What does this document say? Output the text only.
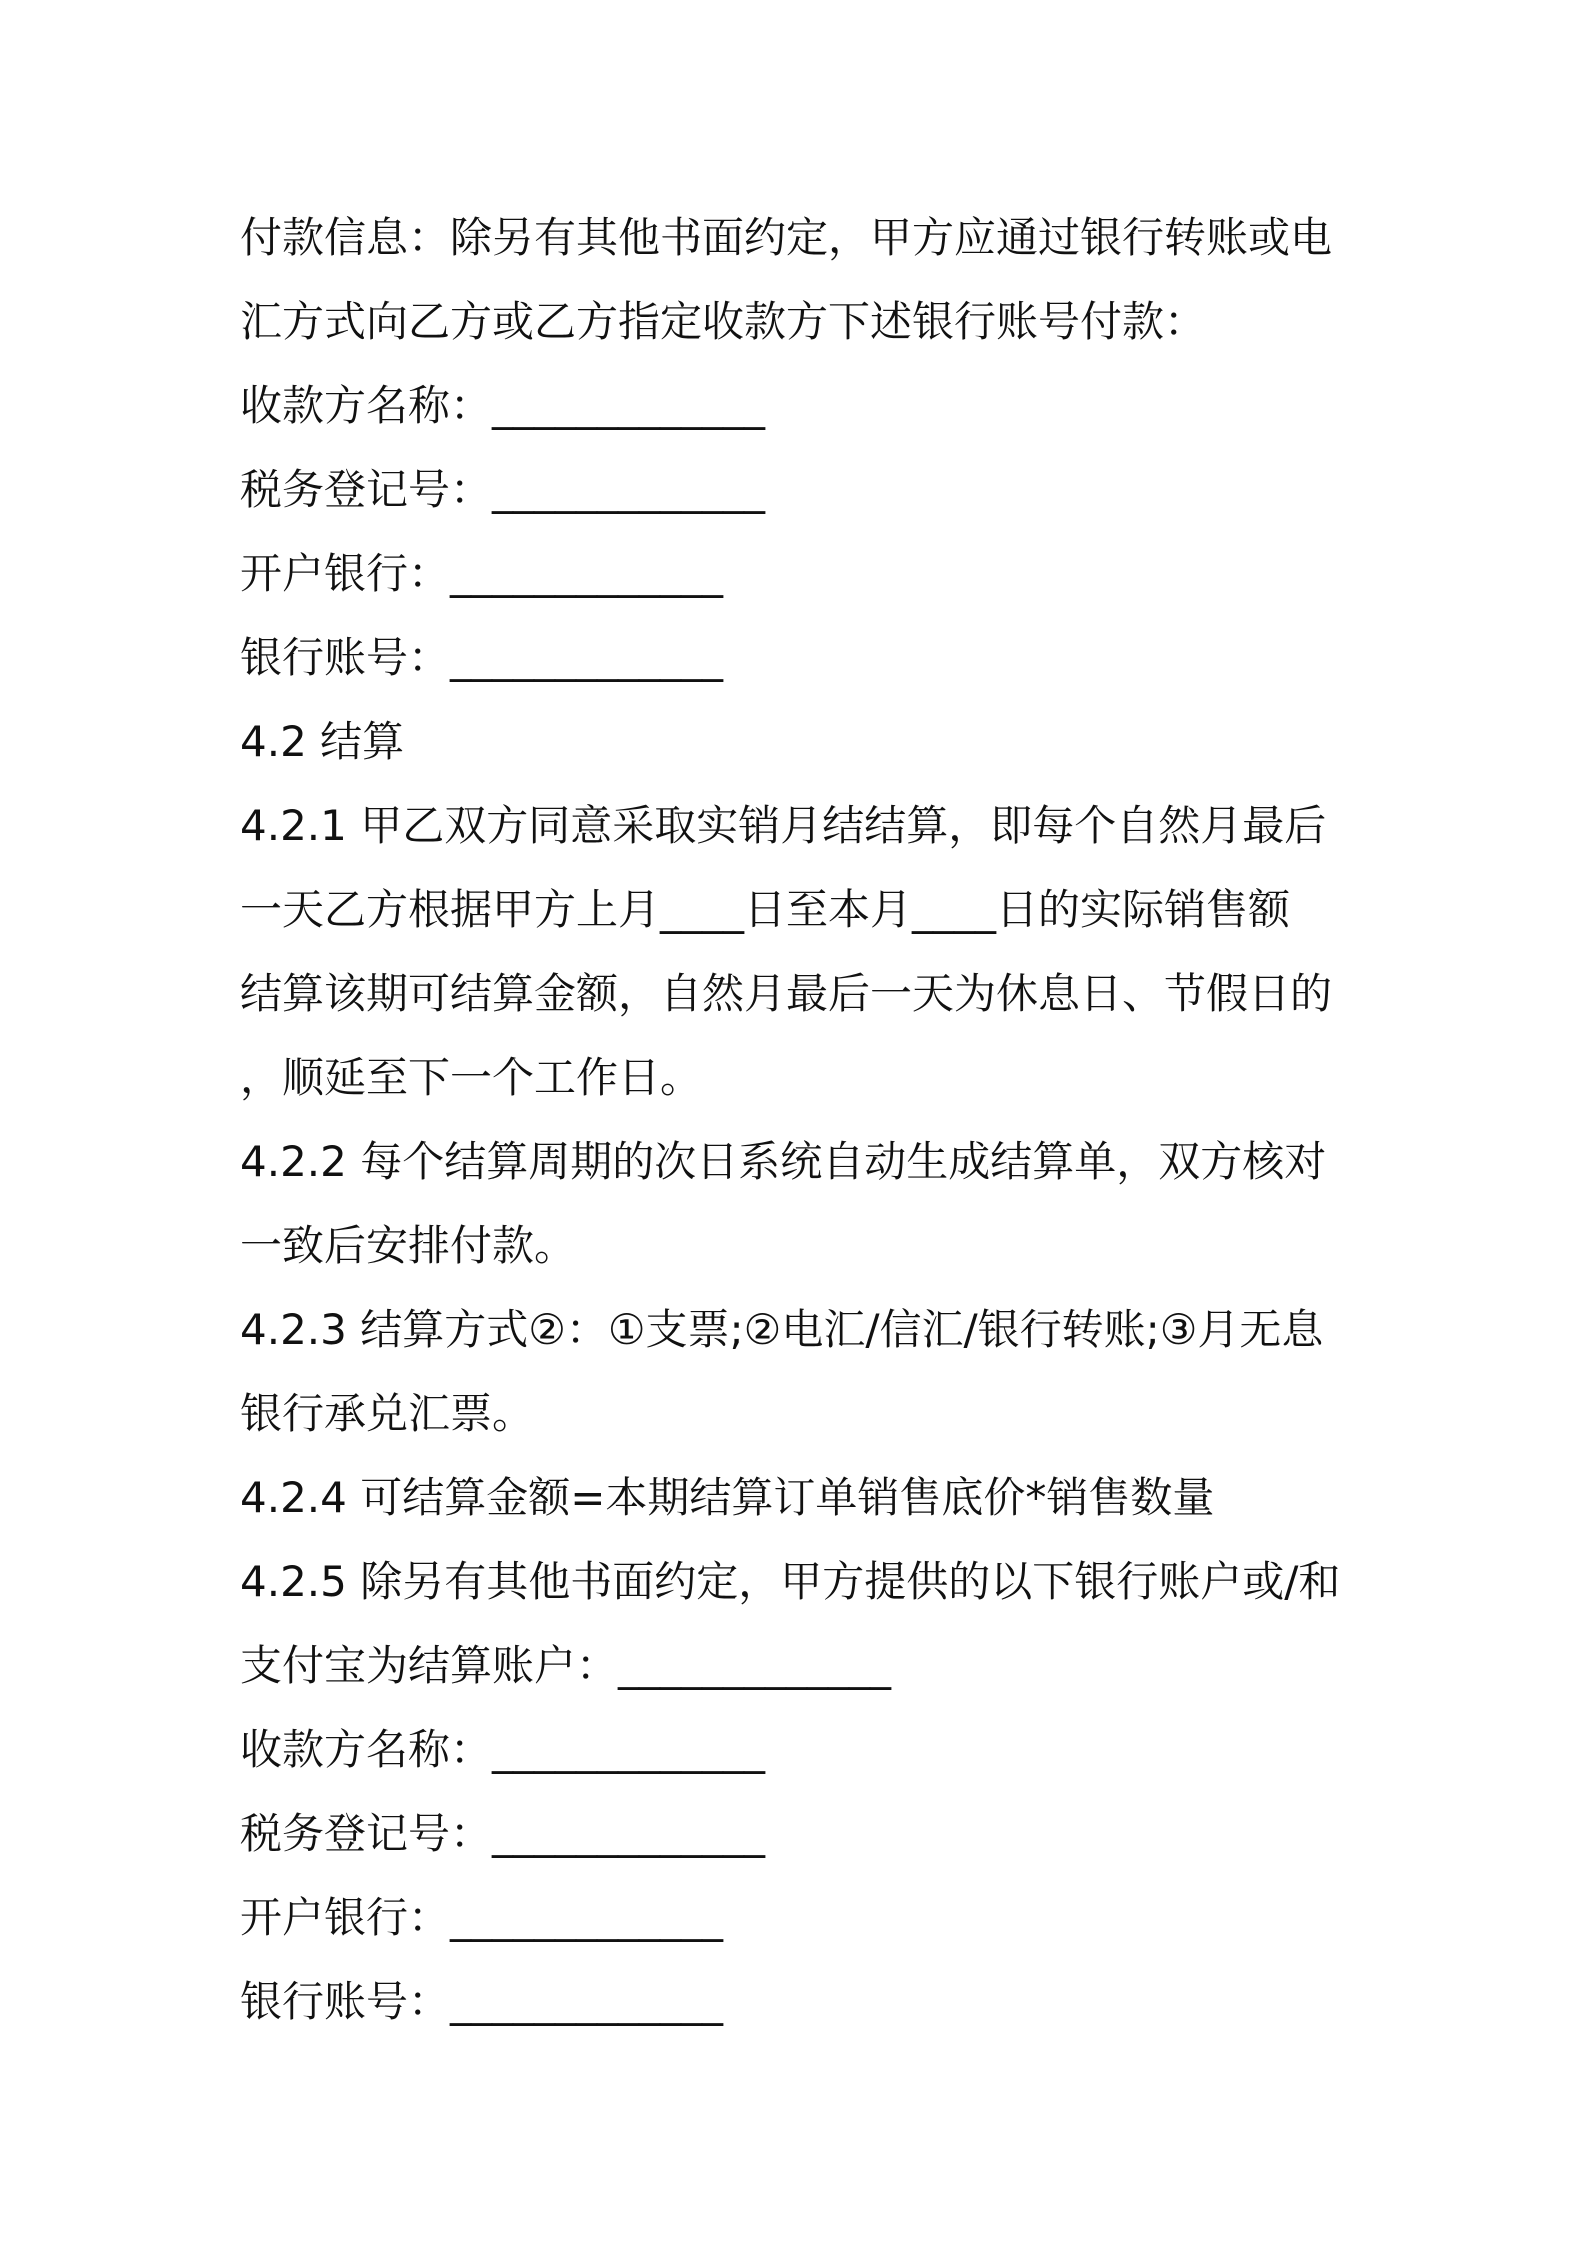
付款信息：除另有其他书面约定，甲方应通过银行转账或电
汇方式向乙方或乙方指定收款方下述银行账号付款：
收款方名称：_____________
税务登记号：_____________
开户银行：_____________
银行账号：_____________
4.2 结算
4.2.1 甲乙双方同意采取实销月结结算，即每个自然月最后
一天乙方根据甲方上月____日至本月____日的实际销售额
结算该期可结算金额，自然月最后一天为休息日、节假日的
，顺延至下一个工作日。
4.2.2 每个结算周期的次日系统自动生成结算单，双方核对
一致后安排付款。
4.2.3 结算方式②：①支票;②电汇/信汇/银行转账;③月无息
银行承兑汇票。
4.2.4 可结算金额=本期结算订单销售底价*销售数量
4.2.5 除另有其他书面约定，甲方提供的以下银行账户或/和
支付宝为结算账户：_____________
收款方名称：_____________
税务登记号：_____________
开户银行：_____________
银行账号：_____________
